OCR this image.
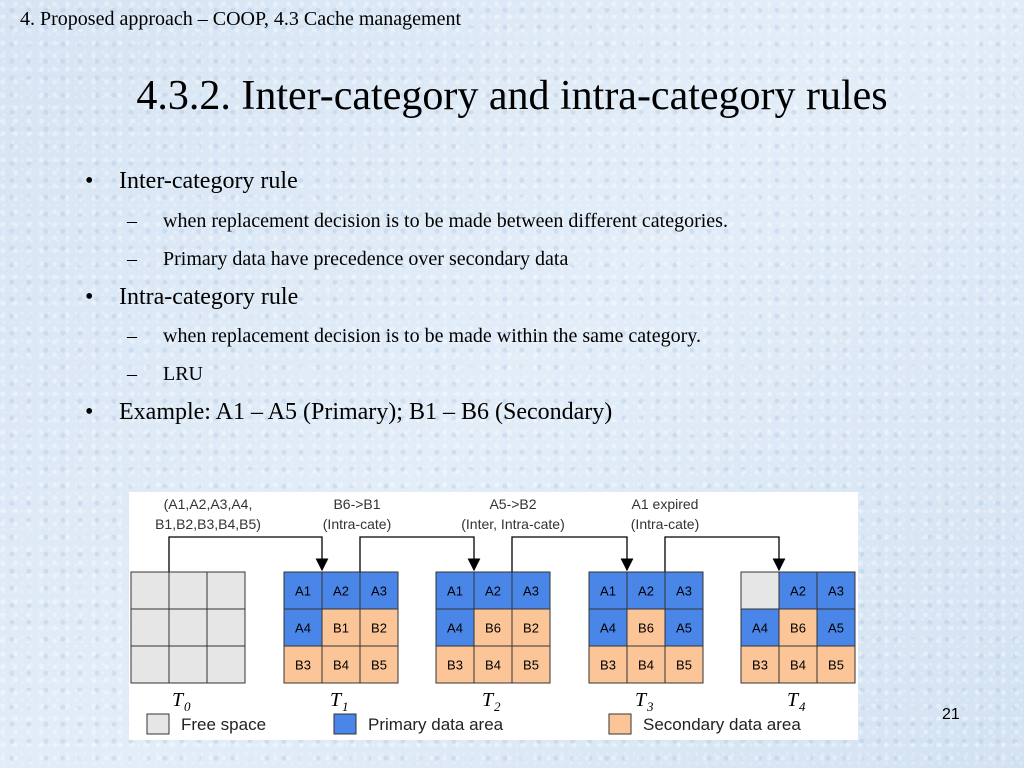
4. Proposed approach – COOP, 4.3 Cache management
4.3.2. Inter-category and intra-category rules
• Inter-category rule
– when replacement decision is to be made between different categories.
– Primary data have precedence over secondary data
• Intra-category rule
– when replacement decision is to be made within the same category.
– LRU
• Example: A1 – A5 (Primary); B1 – B6 (Secondary)
(A1,A2,A3,A4,
B1,B2,B3,B4,B5)
B6->B1
(Intra-cate)
A5->B2
(Inter, Intra-cate)
A1 expired
(Intra-cate)
T 0
A1 A2 A3
A4 B1 B2
B3 B4 B5
T 1
A1 A2 A3
A4 B6 B2
B3 B4 B5
T 2
A1 A2 A3
A4 B6 A5
B3 B4 B5
T 3
A2 A3
A4 B6 A5
B3 B4 B5
T 4
Free space	Primary data area	Secondary data area
21
